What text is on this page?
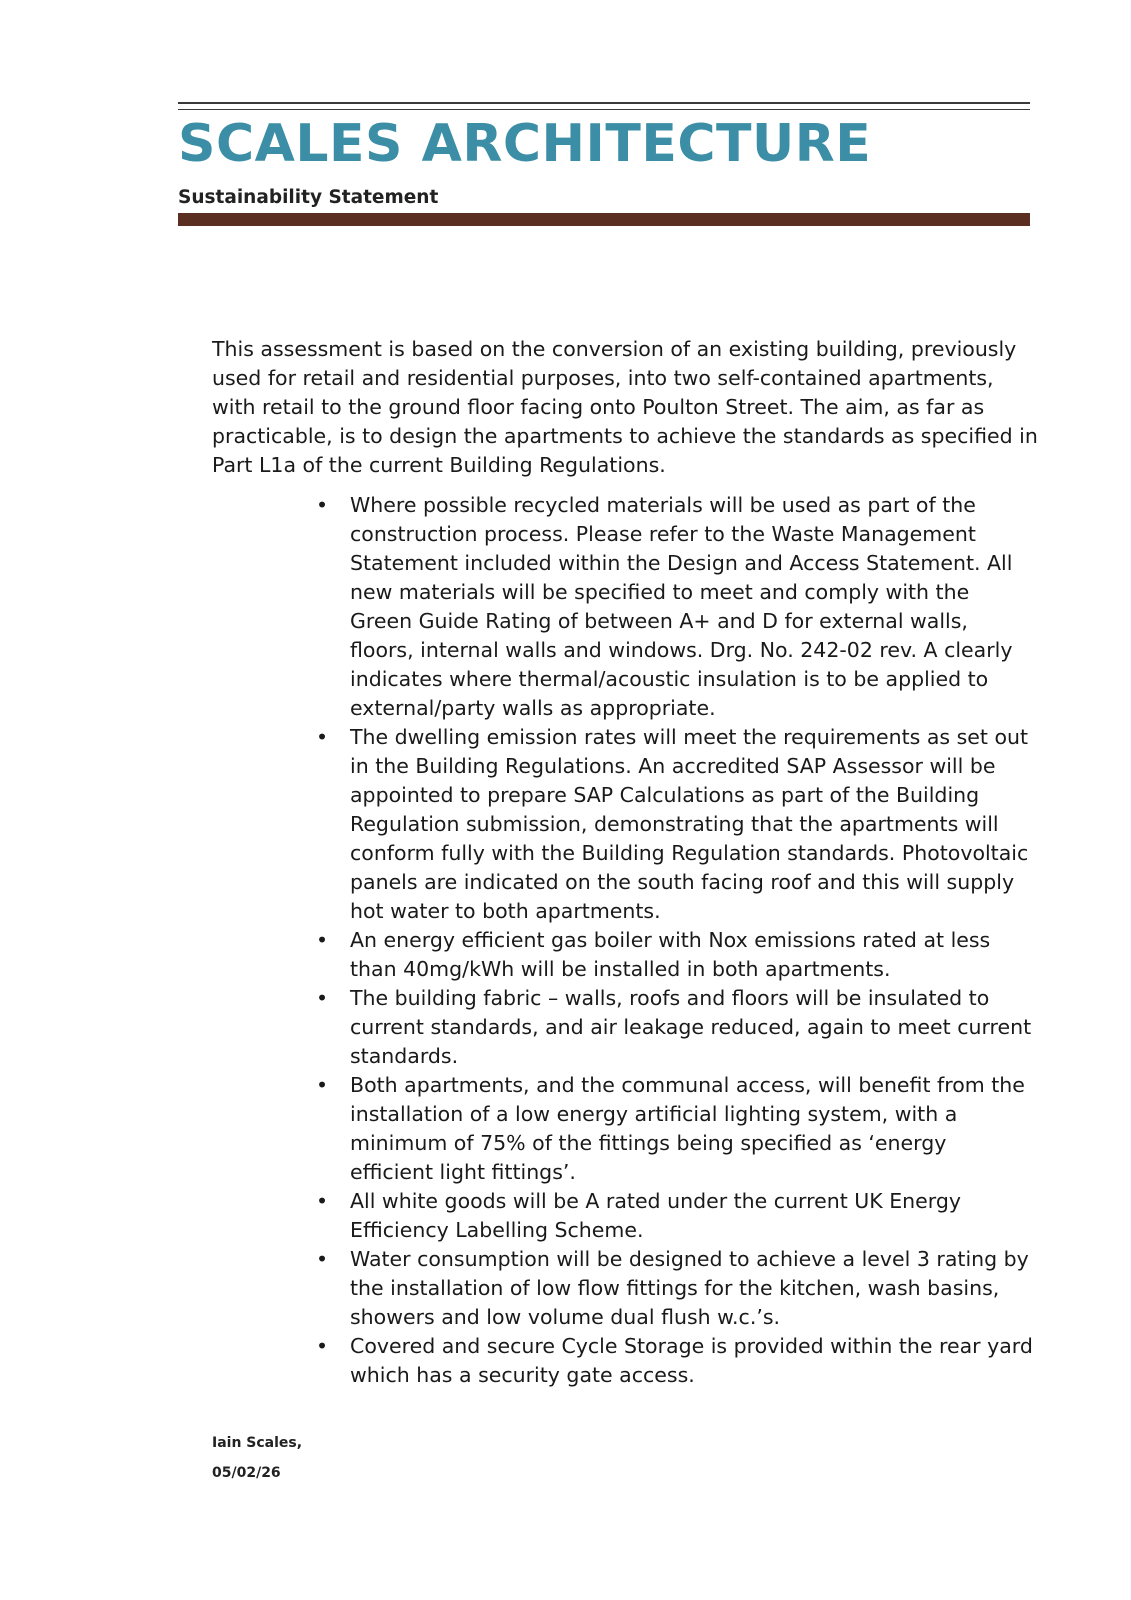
SCALES ARCHITECTURE
Sustainability Statement

This assessment is based on the conversion of an existing building, previously used for retail and residential purposes, into two self-contained apartments, with retail to the ground floor facing onto Poulton Street. The aim, as far as practicable, is to design the apartments to achieve the standards as specified in Part L1a of the current Building Regulations.

•	Where possible recycled materials will be used as part of the construction process. Please refer to the Waste Management Statement included within the Design and Access Statement. All new materials will be specified to meet and comply with the Green Guide Rating of between A+ and D for external walls, floors, internal walls and windows. Drg. No. 242-02 rev. A clearly indicates where thermal/acoustic insulation is to be applied to external/party walls as appropriate.
•	The dwelling emission rates will meet the requirements as set out in the Building Regulations. An accredited SAP Assessor will be appointed to prepare SAP Calculations as part of the Building Regulation submission, demonstrating that the apartments will conform fully with the Building Regulation standards. Photovoltaic panels are indicated on the south facing roof and this will supply hot water to both apartments.
•	An energy efficient gas boiler with Nox emissions rated at less than 40mg/kWh will be installed in both apartments.
•	The building fabric – walls, roofs and floors will be insulated to current standards, and air leakage reduced, again to meet current standards.
•	Both apartments, and the communal access, will benefit from the installation of a low energy artificial lighting system, with a minimum of 75% of the fittings being specified as ‘energy efficient light fittings’.
•	All white goods will be A rated under the current UK Energy Efficiency Labelling Scheme.
•	Water consumption will be designed to achieve a level 3 rating by the installation of low flow fittings for the kitchen, wash basins, showers and low volume dual flush w.c.’s.
•	Covered and secure Cycle Storage is provided within the rear yard which has a security gate access.
Iain Scales,
05/02/26
